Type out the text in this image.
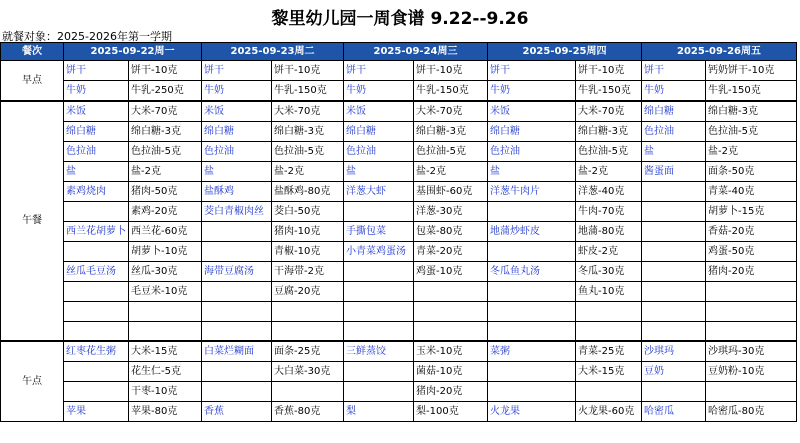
黎里幼儿园一周食谱 9.22--9.26
就餐对象：2025-2026年第一学期
餐次	2025-09-22周一		2025-09-23周二		2025-09-24周三		2025-09-25周四		2025-09-26周五	
早点	饼干	饼干-10克	饼干	饼干-10克	饼干	饼干-10克	饼干	饼干-10克	饼干	钙奶饼干-10克
	牛奶	牛乳-250克	牛奶	牛乳-150克	牛奶	牛乳-150克	牛奶	牛乳-150克	牛奶	牛乳-150克
午餐	米饭	大米-70克	米饭	大米-70克	米饭	大米-70克	米饭	大米-70克	绵白糖	绵白糖-3克
	绵白糖	绵白糖-3克	绵白糖	绵白糖-3克	绵白糖	绵白糖-3克	绵白糖	绵白糖-3克	色拉油	色拉油-5克
	色拉油	色拉油-5克	色拉油	色拉油-5克	色拉油	色拉油-5克	色拉油	色拉油-5克	盐	盐-2克
	盐	盐-2克	盐	盐-2克	盐	盐-2克	盐	盐-2克	酱蛋面	面条-50克
	素鸡烧肉	猪肉-50克	盐酥鸡	盐酥鸡-80克	洋葱大虾	基围虾-60克	洋葱牛肉片	洋葱-40克		青菜-40克
		素鸡-20克	茭白青椒肉丝	茭白-50克		洋葱-30克		牛肉-70克		胡萝卜-15克
	西兰花胡萝卜	西兰花-60克		猪肉-10克	手撕包菜	包菜-80克	地蒲炒虾皮	地蒲-80克		香菇-20克
		胡萝卜-10克		青椒-10克	小青菜鸡蛋汤	青菜-20克		虾皮-2克		鸡蛋-50克
	丝瓜毛豆汤	丝瓜-30克	海带豆腐汤	干海带-2克		鸡蛋-10克	冬瓜鱼丸汤	冬瓜-30克		猪肉-20克
		毛豆米-10克		豆腐-20克				鱼丸-10克		

午点	红枣花生粥	大米-15克	白菜烂糊面	面条-25克	三鲜蒸饺	玉米-10克	菜粥	青菜-25克	沙琪玛	沙琪玛-30克
		花生仁-5克		大白菜-30克		菌菇-10克		大米-15克	豆奶	豆奶粉-10克
		干枣-10克				猪肉-20克				
	苹果	苹果-80克	香蕉	香蕉-80克	梨	梨-100克	火龙果	火龙果-60克	哈密瓜	哈密瓜-80克
